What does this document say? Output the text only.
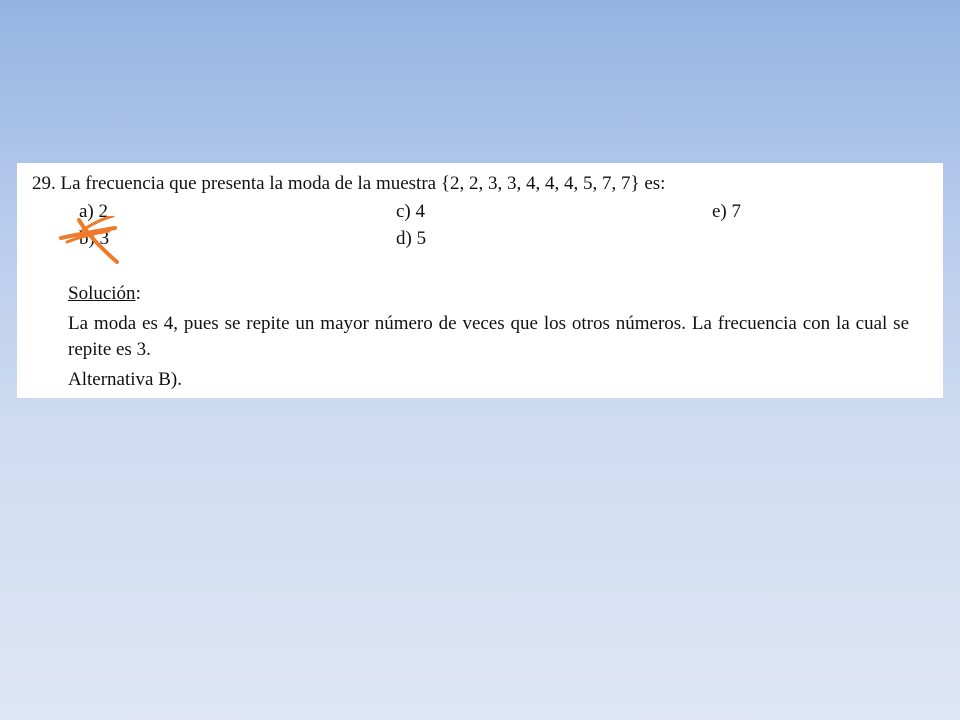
29. La frecuencia que presenta la moda de la muestra {2, 2, 3, 3, 4, 4, 4, 5, 7, 7} es:
a) 2	c) 4	e) 7
b) 3	d) 5
Solución:
La moda es 4, pues se repite un mayor número de veces que los otros números. La frecuencia con la cual se repite es 3.
Alternativa B).
